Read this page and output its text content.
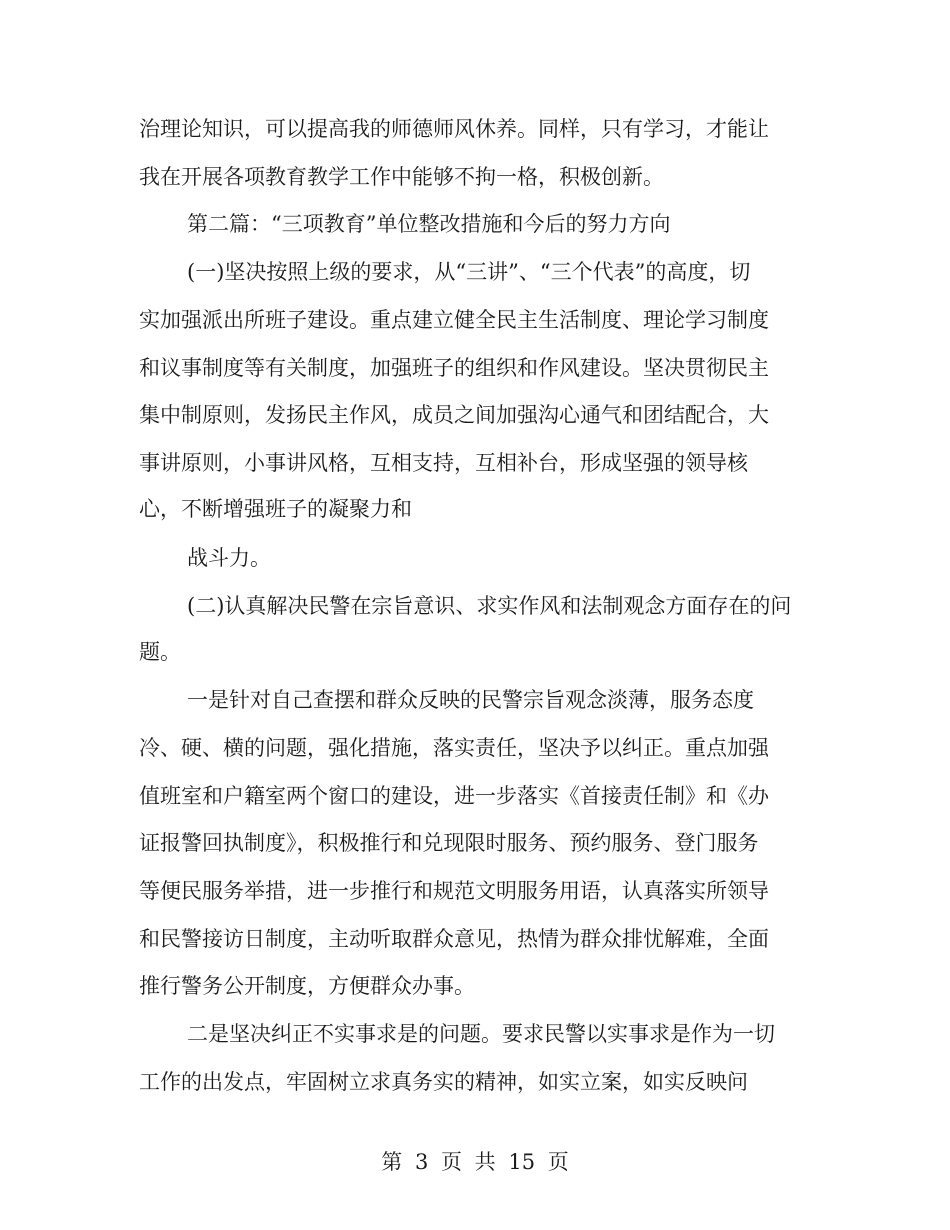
治理论知识，可以提高我的师德师风休养。同样，只有学习，才能让
我在开展各项教育教学工作中能够不拘一格，积极创新。
第二篇：“三项教育”单位整改措施和今后的努力方向
(一)坚决按照上级的要求，从“三讲”、“三个代表”的高度，切
实加强派出所班子建设。重点建立健全民主生活制度、理论学习制度
和议事制度等有关制度，加强班子的组织和作风建设。坚决贯彻民主
集中制原则，发扬民主作风，成员之间加强沟心通气和团结配合，大
事讲原则，小事讲风格，互相支持，互相补台，形成坚强的领导核
心，不断增强班子的凝聚力和
战斗力。
(二)认真解决民警在宗旨意识、求实作风和法制观念方面存在的问
题。
一是针对自己查摆和群众反映的民警宗旨观念淡薄，服务态度
冷、硬、横的问题，强化措施，落实责任，坚决予以纠正。重点加强
值班室和户籍室两个窗口的建设，进一步落实《首接责任制》和《办
证报警回执制度》，积极推行和兑现限时服务、预约服务、登门服务
等便民服务举措，进一步推行和规范文明服务用语，认真落实所领导
和民警接访日制度，主动听取群众意见，热情为群众排忧解难，全面
推行警务公开制度，方便群众办事。
二是坚决纠正不实事求是的问题。要求民警以实事求是作为一切
工作的出发点，牢固树立求真务实的精神，如实立案，如实反映问
第 3 页 共 15 页
